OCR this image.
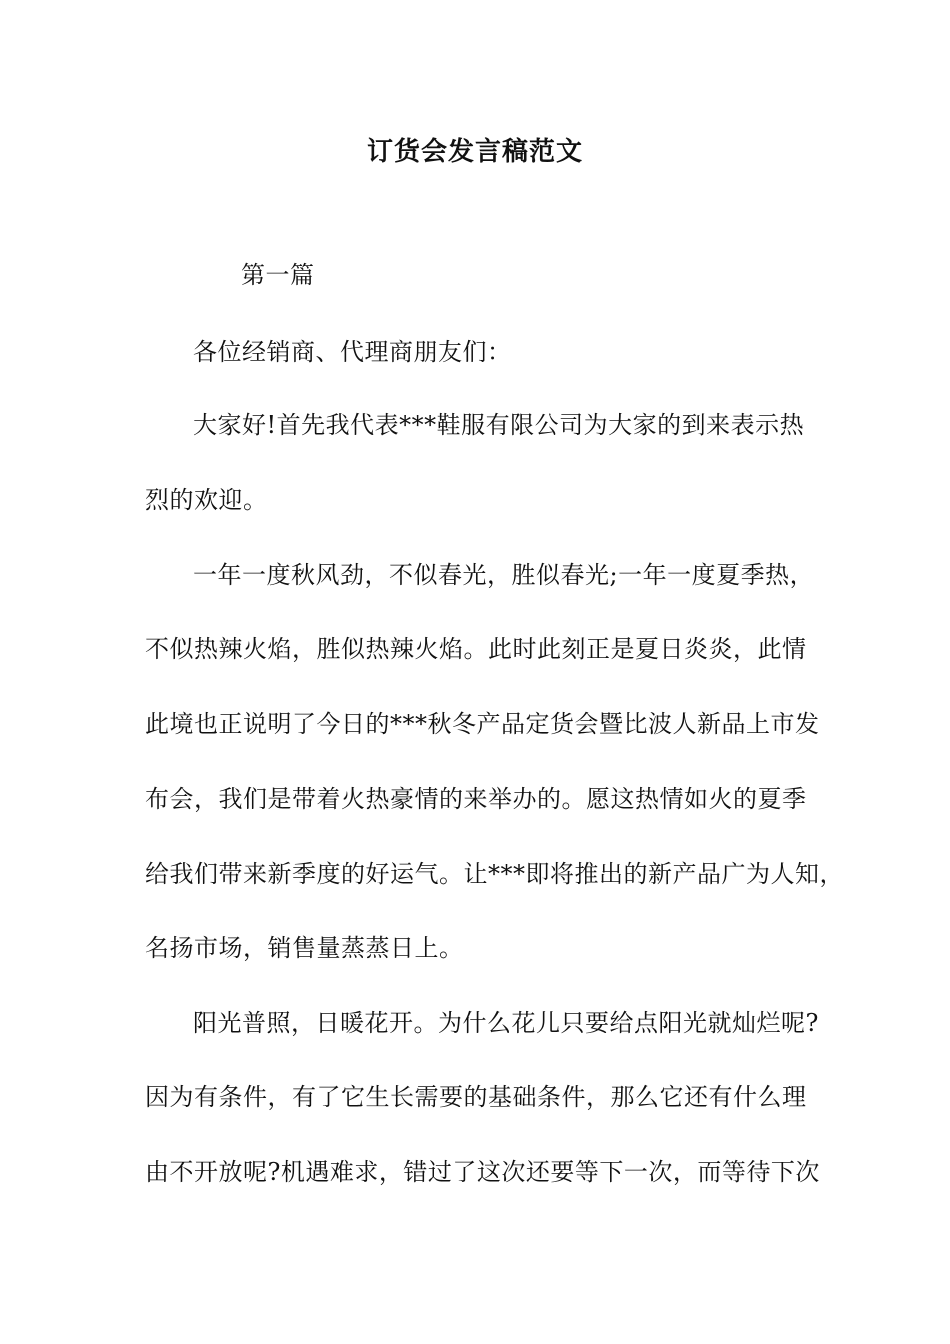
订货会发言稿范文
第一篇
各位经销商、代理商朋友们：
大家好!首先我代表***鞋服有限公司为大家的到来表示热
烈的欢迎。
一年一度秋风劲，不似春光，胜似春光;一年一度夏季热，
不似热辣火焰，胜似热辣火焰。此时此刻正是夏日炎炎，此情
此境也正说明了今日的***秋冬产品定货会暨比波人新品上市发
布会，我们是带着火热豪情的来举办的。愿这热情如火的夏季
给我们带来新季度的好运气。让***即将推出的新产品广为人知，
名扬市场，销售量蒸蒸日上。
阳光普照，日暖花开。为什么花儿只要给点阳光就灿烂呢?
因为有条件，有了它生长需要的基础条件，那么它还有什么理
由不开放呢?机遇难求，错过了这次还要等下一次，而等待下次
